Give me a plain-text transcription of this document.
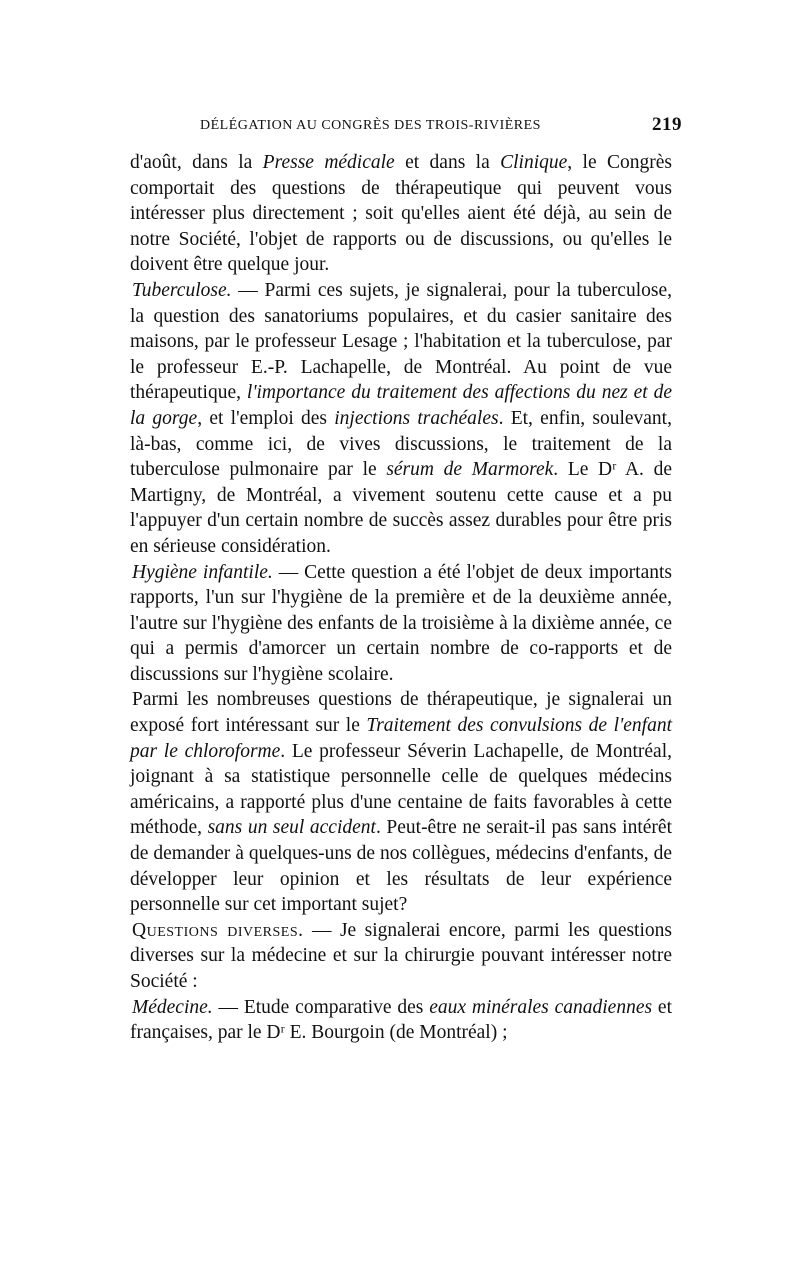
DÉLÉGATION AU CONGRÈS DES TROIS-RIVIÈRES	219

d'août, dans la Presse médicale et dans la Clinique, le Congrès comportait des questions de thérapeutique qui peuvent vous intéresser plus directement ; soit qu'elles aient été déjà, au sein de notre Société, l'objet de rapports ou de discussions, ou qu'elles le doivent être quelque jour.

Tuberculose. — Parmi ces sujets, je signalerai, pour la tuberculose, la question des sanatoriums populaires, et du casier sanitaire des maisons, par le professeur Lesage ; l'habitation et la tuberculose, par le professeur E.-P. Lachapelle, de Montréal. Au point de vue thérapeutique, l'importance du traitement des affections du nez et de la gorge, et l'emploi des injections trachéales. Et, enfin, soulevant, là-bas, comme ici, de vives discussions, le traitement de la tuberculose pulmonaire par le sérum de Marmorek. Le Dʳ A. de Martigny, de Montréal, a vivement soutenu cette cause et a pu l'appuyer d'un certain nombre de succès assez durables pour être pris en sérieuse considération.

Hygiène infantile. — Cette question a été l'objet de deux importants rapports, l'un sur l'hygiène de la première et de la deuxième année, l'autre sur l'hygiène des enfants de la troisième à la dixième année, ce qui a permis d'amorcer un certain nombre de co-rapports et de discussions sur l'hygiène scolaire.

Parmi les nombreuses questions de thérapeutique, je signalerai un exposé fort intéressant sur le Traitement des convulsions de l'enfant par le chloroforme. Le professeur Séverin Lachapelle, de Montréal, joignant à sa statistique personnelle celle de quelques médecins américains, a rapporté plus d'une centaine de faits favorables à cette méthode, sans un seul accident. Peut-être ne serait-il pas sans intérêt de demander à quelques-uns de nos collègues, médecins d'enfants, de développer leur opinion et les résultats de leur expérience personnelle sur cet important sujet?

Questions diverses. — Je signalerai encore, parmi les questions diverses sur la médecine et sur la chirurgie pouvant intéresser notre Société :

Médecine. — Etude comparative des eaux minérales canadiennes et françaises, par le Dʳ E. Bourgoin (de Montréal) ;
